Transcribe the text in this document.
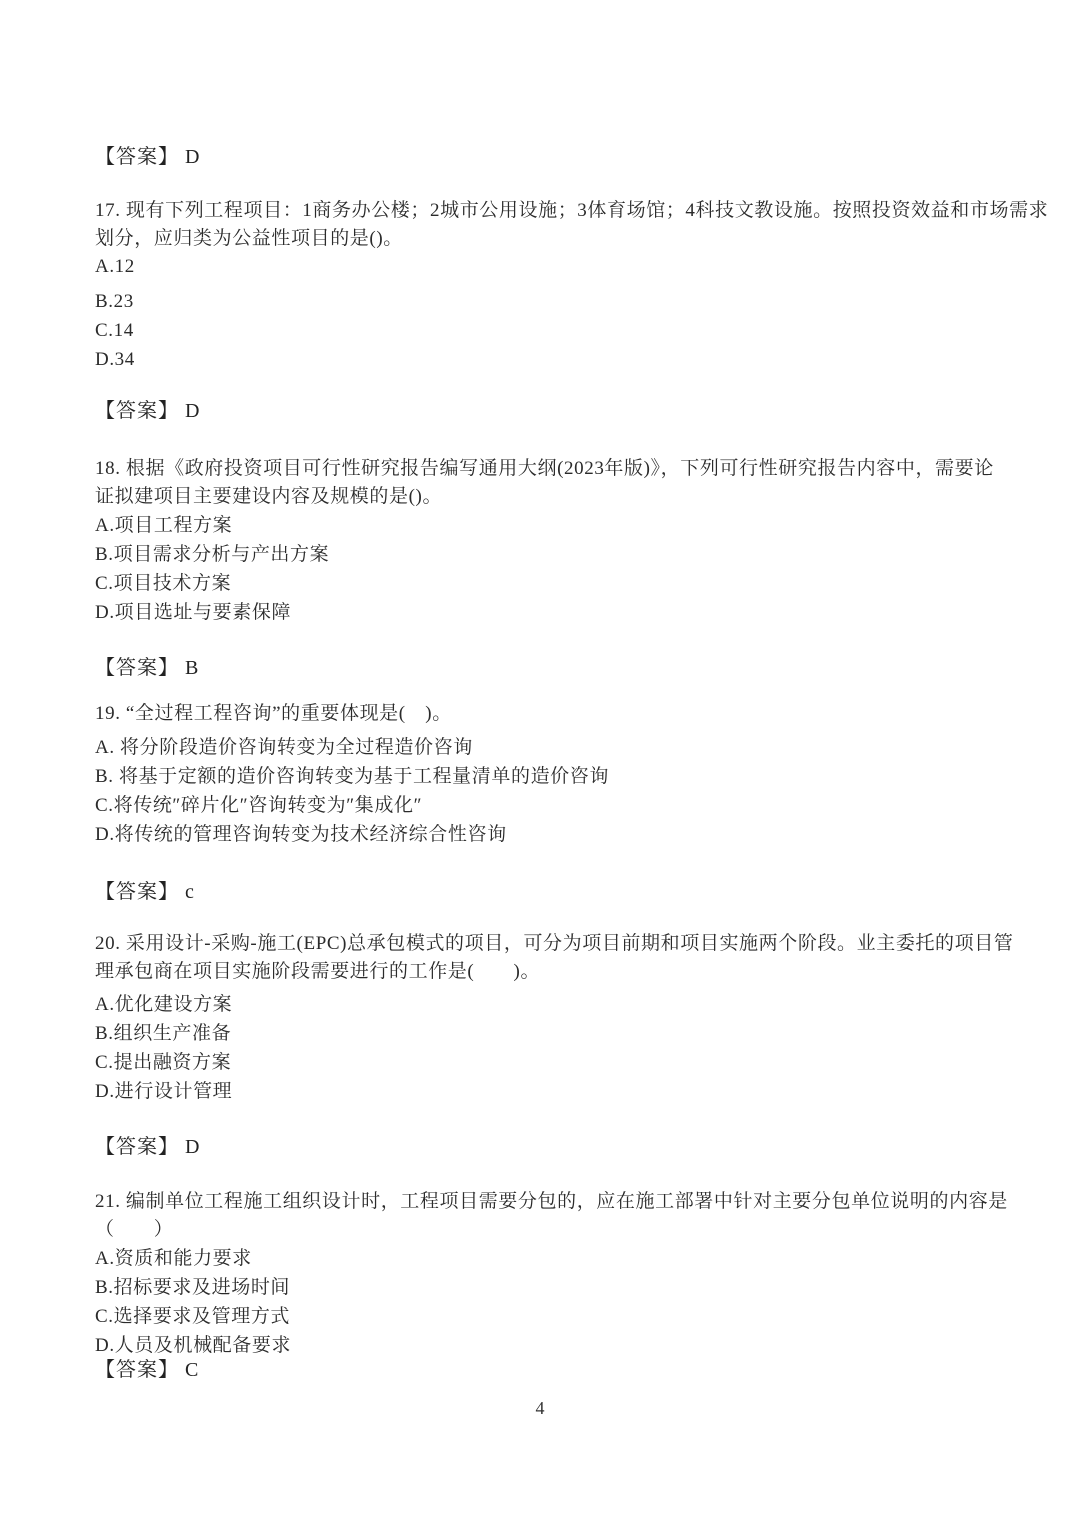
【答案】 D
17. 现有下列工程项目：1商务办公楼；2城市公用设施；3体育场馆；4科技文教设施。按照投资效益和市场需求
划分，应归类为公益性项目的是()。
A.12
B.23
C.14
D.34
【答案】 D
18. 根据《政府投资项目可行性研究报告编写通用大纲(2023年版)》，下列可行性研究报告内容中，需要论
证拟建项目主要建设内容及规模的是()。
A.项目工程方案
B.项目需求分析与产出方案
C.项目技术方案
D.项目选址与要素保障
【答案】 B
19. “全过程工程咨询”的重要体现是(　)。
A. 将分阶段造价咨询转变为全过程造价咨询
B. 将基于定额的造价咨询转变为基于工程量清单的造价咨询
C.将传统″碎片化″咨询转变为″集成化″
D.将传统的管理咨询转变为技术经济综合性咨询
【答案】 c
20. 采用设计-采购-施工(EPC)总承包模式的项目，可分为项目前期和项目实施两个阶段。业主委托的项目管
理承包商在项目实施阶段需要进行的工作是(　　)。
A.优化建设方案
B.组织生产准备
C.提出融资方案
D.进行设计管理
【答案】 D
21. 编制单位工程施工组织设计时，工程项目需要分包的，应在施工部署中针对主要分包单位说明的内容是
（　　）
A.资质和能力要求
B.招标要求及进场时间
C.选择要求及管理方式
D.人员及机械配备要求
【答案】 C
4
